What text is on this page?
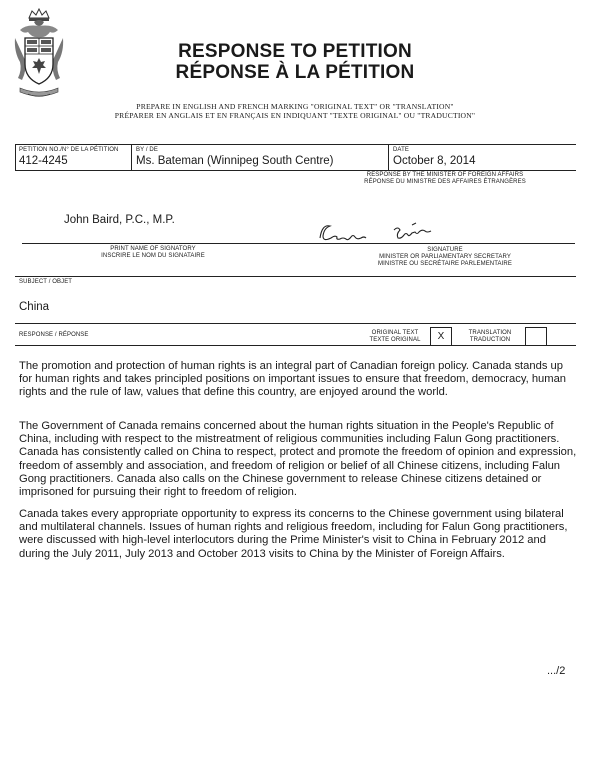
RESPONSE TO PETITION
RÉPONSE À LA PÉTITION
PREPARE IN ENGLISH AND FRENCH MARKING "ORIGINAL TEXT" OR "TRANSLATION"
PRÉPARER EN ANGLAIS ET EN FRANÇAIS EN INDIQUANT "TEXTE ORIGINAL" OU "TRADUCTION"
PETITION NO./N° DE LA PÉTITION
412-4245
BY / DE
Ms. Bateman (Winnipeg South Centre)
DATE
October 8, 2014
RESPONSE BY THE MINISTER OF FOREIGN AFFAIRS
RÉPONSE DU MINISTRE DES AFFAIRES ÉTRANGÈRES
John Baird, P.C., M.P.
PRINT NAME OF SIGNATORY
INSCRIRE LE NOM DU SIGNATAIRE
SIGNATURE
MINISTER OR PARLIAMENTARY SECRETARY
MINISTRE OU SECRÉTAIRE PARLEMENTAIRE
SUBJECT / OBJET
China
RESPONSE / RÉPONSE	ORIGINAL TEXT
TEXTE ORIGINAL	X	TRANSLATION
TRADUCTION
The promotion and protection of human rights is an integral part of Canadian foreign policy. Canada stands up for human rights and takes principled positions on important issues to ensure that freedom, democracy, human rights and the rule of law, values that define this country, are enjoyed around the world.
The Government of Canada remains concerned about the human rights situation in the People's Republic of China, including with respect to the mistreatment of religious communities including Falun Gong practitioners. Canada has consistently called on China to respect, protect and promote the freedom of opinion and expression, freedom of assembly and association, and freedom of religion or belief of all Chinese citizens, including Falun Gong practitioners. Canada also calls on the Chinese government to release Chinese citizens detained or imprisoned for pursuing their right to freedom of religion.
Canada takes every appropriate opportunity to express its concerns to the Chinese government using bilateral and multilateral channels. Issues of human rights and religious freedom, including for Falun Gong practitioners, were discussed with high-level interlocutors during the Prime Minister's visit to China in February 2012 and during the July 2011, July 2013 and October 2013 visits to China by the Minister of Foreign Affairs.
.../2
